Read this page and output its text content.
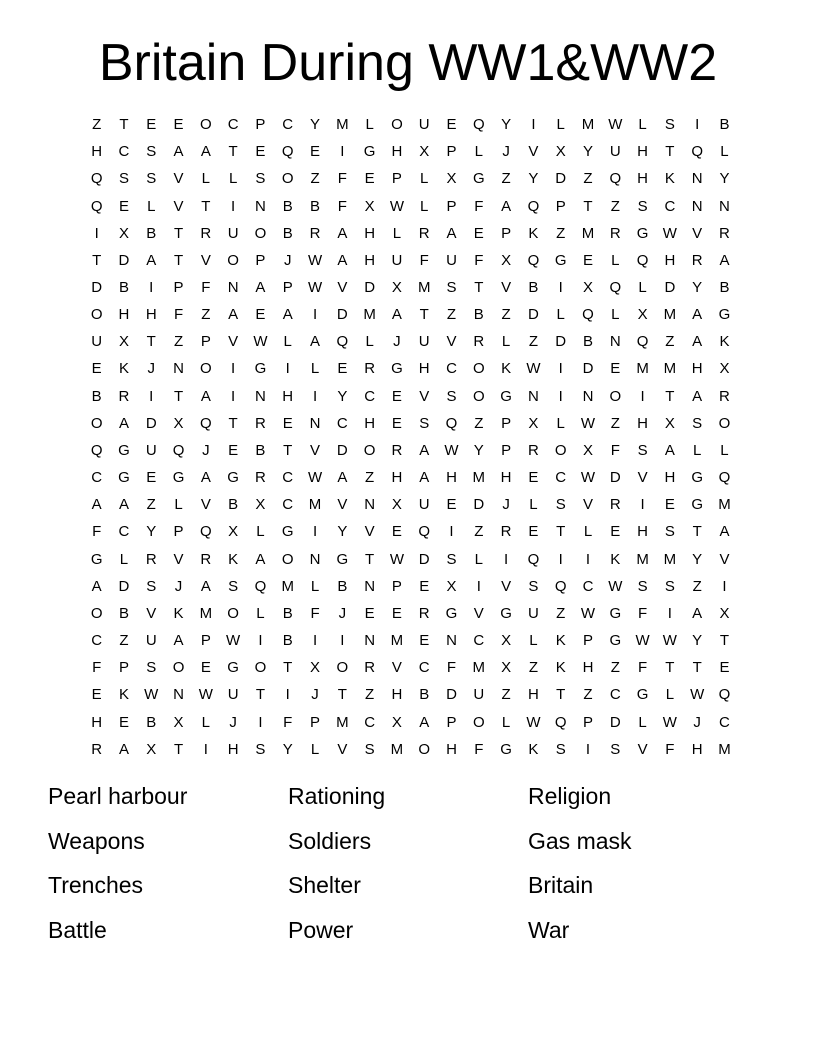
Britain During WW1&WW2
Z	T	E	E	O	C	P	C	Y	M	L	O	U	E	Q	Y	I	L	M W	L	S	I	B
H	C	S	A	A	T	E	Q	E	I	G	H	X	P	L	J	V	X	Y	U	H	T	Q	L
Q	S	S	V	L	L	S	O	Z	F	E	P	L	X	G	Z	Y	D	Z	Q	H	K	N	Y
Q	E	L	V	T	I	N	B	B	F	X	W	L	P	F	A	Q	P	T	Z	S	C	N	N
I	X	B	T	R	U	O	B	R	A	H	L	R	A	E	P	K	Z	M	R	G W	V	R
T	D	A	T	V	O	P	J	W	A	H	U	F	U	F	X	Q	G	E	L	Q	H	R	A
D	B	I	P	F	N	A	P	W	V	D	X	M	S	T	V	B	I	X	Q	L	D	Y	B
O	H	H	F	Z	A	E	A	I	D	M	A	T	Z	B	Z	D	L	Q	L	X	M	A	G
U	X	T	Z	P	V	W	L	A	Q	L	J	U	V	R	L	Z	D	B	N	Q	Z	A	K
E	K	J	N	O	I	G	I	L	E	R	G	H	C	O	K	W	I	D	E	M M	H	X
B	R	I	T	A	I	N	H	I	Y	C	E	V	S	O	G	N	I	N	O	I	T	A	R
O	A	D	X	Q	T	R	E	N	C	H	E	S	Q	Z	P	X	L	W	Z	H	X	S	O
Q	G	U	Q	J	E	B	T	V	D	O	R	A	W	Y	P	R	O	X	F	S	A	L	L
C	G	E	G	A	G	R	C W	A	Z	H	A	H	M	H	E	C W D	V	H	G	Q
A	A	Z	L	V	B	X	C	M	V	N	X	U	E	D	J	L	S	V	R	I	E	G	M
F	C	Y	P	Q	X	L	G	I	Y	V	E	Q	I	Z	R	E	T	L	E	H	S	T	A
G	L	R	V	R	K	A	O	N	G	T	W D	S	L	I	Q	I	I	K	M M	Y	V
A	D	S	J	A	S	Q	M	L	B	N	P	E	X	I	V	S	Q	C W	S	S	Z	I
O	B	V	K	M	O	L	B	F	J	E	E	R	G	V	G	U	Z	W G	F	I	A	X
C	Z	U	A	P	W	I	B	I	I	N	M	E	N	C	X	L	K	P	G W W	Y	T
F	P	S	O	E	G	O	T	X	O	R	V	C	F	M	X	Z	K	H	Z	F	T	T	E
E	K	W N W U	T	I	J	T	Z	H	B	D	U	Z	H	T	Z	C	G	L	W Q
H	E	B	X	L	J	I	F	P	M	C	X	A	P	O	L	W Q	P	D	L	W	J	C
R	A	X	T	I	H	S	Y	L	V	S	M	O	H	F	G	K	S	I	S	V	F	H	M
Pearl harbour	Rationing	Religion
Weapons	Soldiers	Gas mask
Trenches	Shelter	Britain
Battle	Power	War
